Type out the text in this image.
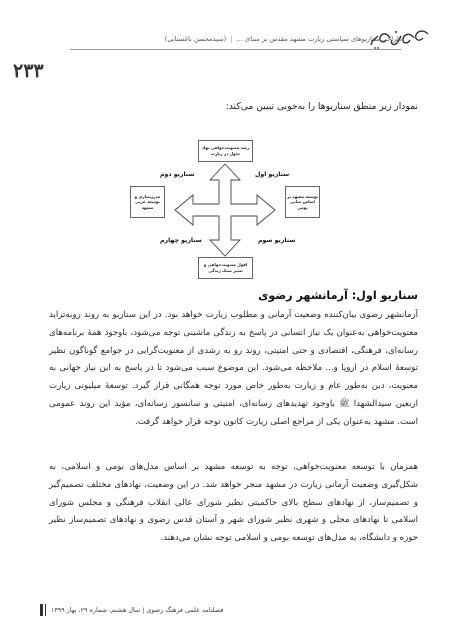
طراحی سناریوهای سیاستی زیارت مشهد مقدس بر مبنای ... | (سیدمحسن باغستانی)
۲۳۳
نمودار زیر منطق سناریوها را به‌خوبی تبیین می‌کند:
رشد معنویت‌خواهی نهاد تحول در زیارت
افول معنویت‌خواهی و تغییر سبک زندگی
مدرن‌سازی و توسعه غربی مشهد
توسعه مشهد بر اساس مبانی بومی
سناریو دوم	سناریو اول
سناریو چهارم	سناریو سوم
سناریو اول: آرمانشهر رضوی
آرمانشهر رضوی بیان‌کننده وضعیت آرمانی و مطلوب زیارت خواهد بود. در این سناریو به‌ روند روبه‌تزاید معنویت‌خواهی به‌عنوان یک نیاز انسانی در پاسخ به زندگی ماشینی توجه می‌شود، باوجود همۀ برنامه‌های رسانه‌ای، فرهنگی، اقتصادی و حتی امنیتی، روند رو به رشدی از معنویت‌گرایی در جوامع گوناگون نظیر توسعۀ اسلام در اروپا و... ملاحظه می‌شود. این موضوع سبب می‌شود تا در پاسخ به این نیاز جهانی به معنویت، دین به‌طور عام و زیارت به‌طور خاص مورد توجه همگانی قرار گیرد. توسعۀ میلیونی زیارت اربعین سیدالشهدا ﷺ باوجود تهدیدهای رسانه‌ای، امنیتی و سانسور رسانه‌ای، مؤید این روند عمومی است. مشهد به‌عنوان یکی از مراجع اصلی زیارت کانون توجه قرار خواهد گرفت.
همزمان با توسعه معنویت‌خواهی، توجه به توسعه مشهد بر اساس مدل‌های بومی و اسلامی، به شکل‌گیری وضعیت آرمانی زیارت در مشهد منجر خواهد شد. در این وضعیت، نهادهای مختلف تصمیم‌گیر و تصمیم‌ساز، از نهادهای سطح بالای حاکمیتی نظیر شورای عالی انقلاب فرهنگی و مجلس شورای اسلامی تا نهادهای محلی و شهری نظیر شورای شهر و آستان قدس رضوی و نهادهای تصمیم‌ساز نظیر حوزه و دانشگاه، به مدل‌های توسعه بومی و اسلامی توجه نشان می‌دهند.
فصلنامه علمی فرهنگ رضوی | سال هشتم، شماره ۲۹، بهار ۱۳۹۹
